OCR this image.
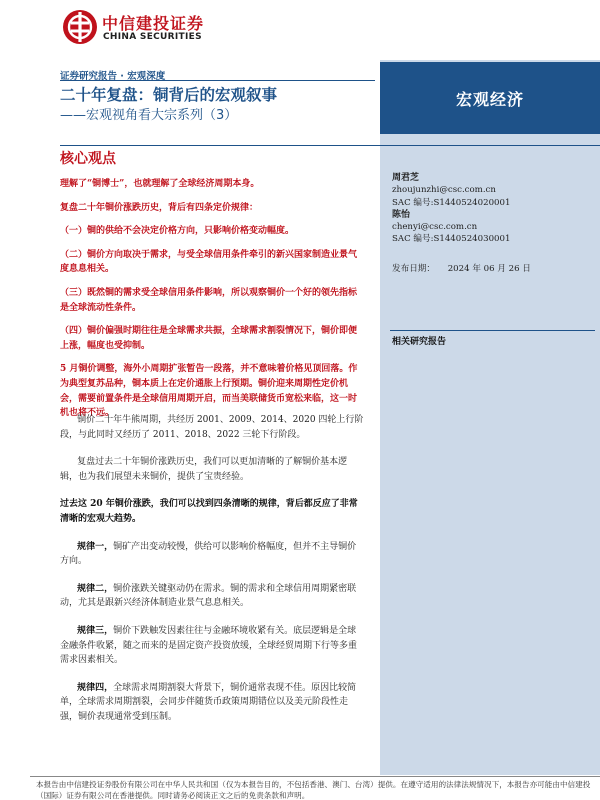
中信建投证券
CHINA SECURITIES
宏观经济
证券研究报告 · 宏观深度
二十年复盘：铜背后的宏观叙事
——宏观视角看大宗系列（3）
核心观点

理解了“铜博士”，也就理解了全球经济周期本身。

复盘二十年铜价涨跌历史，背后有四条定价规律：

（一）铜的供给不会决定价格方向，只影响价格变动幅度。

（二）铜价方向取决于需求，与受全球信用条件牵引的新兴国家制造业景气度息息相关。

（三）既然铜的需求受全球信用条件影响，所以观察铜价一个好的领先指标是全球流动性条件。

（四）铜价偏强时期往往是全球需求共振，全球需求割裂情况下，铜价即便上涨，幅度也受抑制。

5 月铜价调整，海外小周期扩张暂告一段落，并不意味着价格见顶回落。作为典型复苏品种，铜本质上在定价通胀上行预期。铜价迎来周期性定价机会，需要前置条件是全球信用周期开启，而当美联储货币宽松来临，这一时机也将不远。

铜价二十年牛熊周期，共经历 2001、2009、2014、2020 四轮上行阶段，与此同时又经历了 2011、2018、2022 三轮下行阶段。

复盘过去二十年铜价涨跌历史，我们可以更加清晰的了解铜价基本逻辑，也为我们展望未来铜价，提供了宝贵经验。

过去这 20 年铜价涨跌，我们可以找到四条清晰的规律，背后都反应了非常清晰的宏观大趋势。

规律一，铜矿产出变动较慢，供给可以影响价格幅度，但并不主导铜价方向。

规律二，铜价涨跌关键驱动仍在需求。铜的需求和全球信用周期紧密联动，尤其是跟新兴经济体制造业景气息息相关。

规律三，铜价下跌触发因素往往与金融环境收紧有关。底层逻辑是全球金融条件收紧，随之而来的是固定资产投资放缓，全球经贸周期下行等多重需求因素相关。

规律四，全球需求周期割裂大背景下，铜价通常表现不佳。原因比较简单，全球需求周期割裂，会同步伴随货币政策周期错位以及美元阶段性走强，铜价表现通常受到压制。

周君芝
zhoujunzhi@csc.com.cn
SAC 编号:S1440524020001
陈怡
chenyi@csc.com.cn
SAC 编号:S1440524030001
发布日期： 2024 年 06 月 26 日
相关研究报告
本报告由中信建投证券股份有限公司在中华人民共和国（仅为本报告目的，不包括香港、澳门、台湾）提供。在遵守适用的法律法规情况下，本报告亦可能由中信建投（国际）证券有限公司在香港提供。同时请务必阅读正文之后的免责条款和声明。
